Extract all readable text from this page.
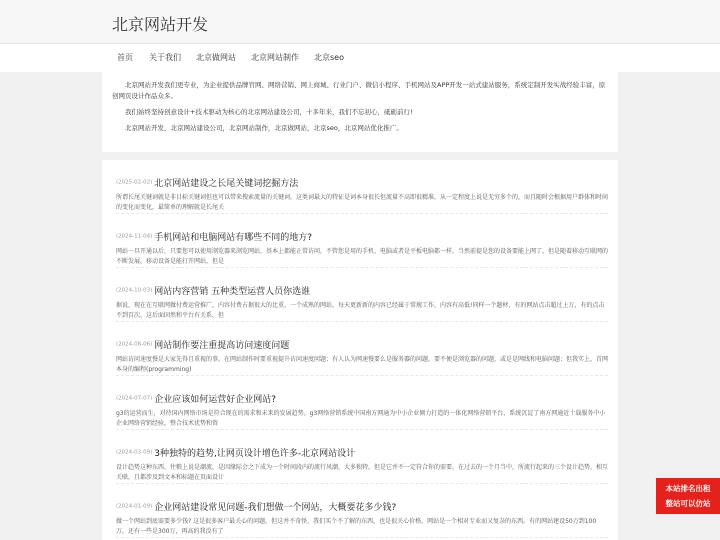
北京网站开发
首页 关于我们 北京做网站 北京网站制作 北京seo

北京网站开发我们更专业，为企业提供品牌官网、网络营销、网上商城、行业门户、微信小程序、手机网站及APP开发一站式建站服务，系统定制开发实战经验丰富，原创网页设计作品众多。

我们始终坚持创意设计+技术驱动为核心的北京网站建设公司，十多年来，我们不忘初心，砥砺前行!

北京网站开发，北京网站建设公司，北京网站制作，北京做网站，北京seo，北京网站优化推广。

(2025-02-02) 北京网站建设之长尾关键词挖掘方法
所谓长尾关键词就是非目标关键词但也可以带来搜索流量的关键词。这类词最大的特征是词本身很长但流量不高即很精准，从一定程度上说是无穷多个的，而且随时会根据用户群体和时间的变化而变化，最简单的理解就是长尾关
(2024-11-04) 手机网站和电脑网站有哪些不同的地方?
网站一旦开通以后，只要您可以使用浏览器来浏览网站，基本上都能正常访问，不管您是用的手机、电脑或者是平板电脑都一样，当然前提是您的设备要能上网了。但是随着移动互联网的不断发展，移动设备是能打开网站，但是
(2024-10-03) 网站内容营销 五种类型运营人员你选谁
据说，现在在互联网做付费运营推广，内容付费占据很大的比重，一个成熟的网站，每天更新新的内容已经属于常规工作，内容有高低!同样一个题材，有的网站点击超过上万，有的点击不到百次，这后面固然和平台有关系，但
(2024-08-06) 网站制作要注重提高访问速度问题
网站访问速度慢是大家先得且重视的事，在网站制作时要重视提升访问速度问题；有人认为网速慢要么是服务器的问题，要不便是浏览器的问题，或是是网线和电脑问题；但我实上，首网本身的编程(programming)
(2024-07-07) 企业应该如何运营好企业网站?
g3的运营而生，对待国内网络市场是符合现在的需求和未来的发展趋势。g3网络营销系统中国南方网通为中小企业倾力打造的一体化网络营销平台，系统沉淀了南方网通近十载服务中小企业网络营销经验，整合技术优势和资
(2024-03-09) 3种独特的趋势,让网页设计增色许多-北京网站设计
设计趋势这种东西，往粮上说是潮流，是因缘际会之下成为一个时间段内的流行风潮，大多独特，但是它并不一定符合你的需要。在过去的一个月当中，所流行起来的三个设计趋势，相互关联，且都涉及到文本和标题在页面设计
(2024-01-09) 企业网站建设常见问题-我们想做一个网站，大概要花多少钱?
做一个网站到底需要多少钱? 这是很多客户最关心的问题。但这并不奇怪，我们买个不了解的东西，也是很关心价格。网站是一个相对专业而又复杂的东西。有的网站建设50万到100万，还有一些是300万，再高的我没有了
本站排名出租
整站可以仿站
